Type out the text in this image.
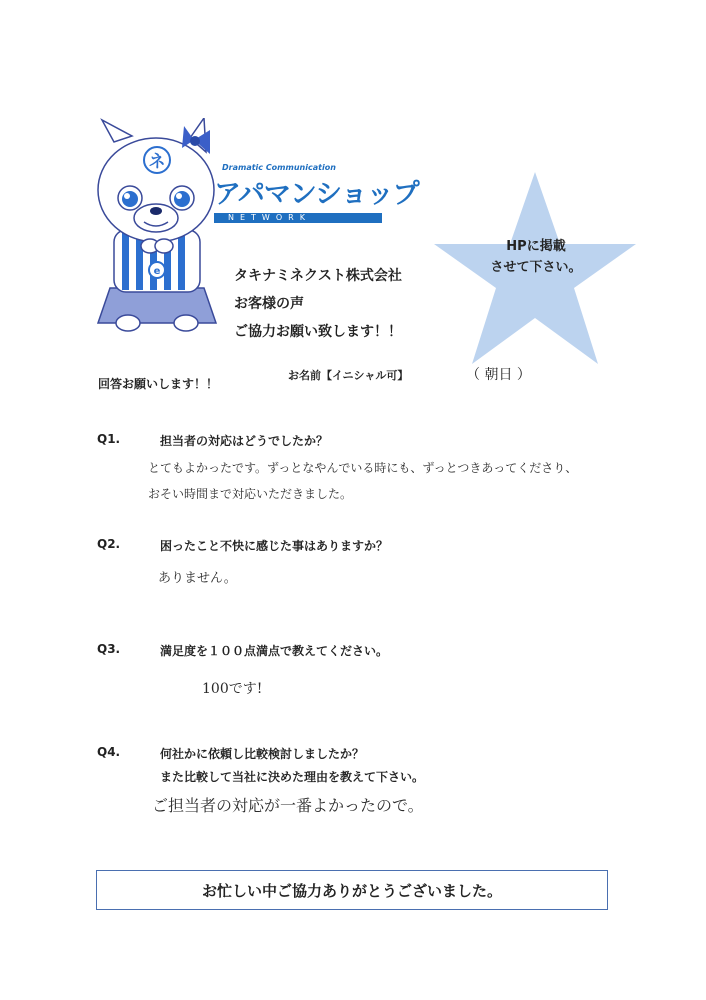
e
ネ	Dramatic Communication
アパマンショップ
NETWORK
タキナミネクスト株式会社
お客様の声
ご協力お願い致します！！
HPに掲載
させて下さい。
回答お願いします！！
お名前【イニシャル可】	（ 朝日 ）
Q1.	担当者の対応はどうでしたか？
とてもよかったです。ずっとなやんでいる時にも、ずっとつきあってくださり、
おそい時間まで対応いただきました。
Q2.	困ったこと不快に感じた事はありますか？
ありません。
Q3.	満足度を１００点満点で教えてください。
100です!
Q4.	何社かに依頼し比較検討しましたか？
また比較して当社に決めた理由を教えて下さい。
ご担当者の対応が一番よかったので。
お忙しい中ご協力ありがとうございました。
